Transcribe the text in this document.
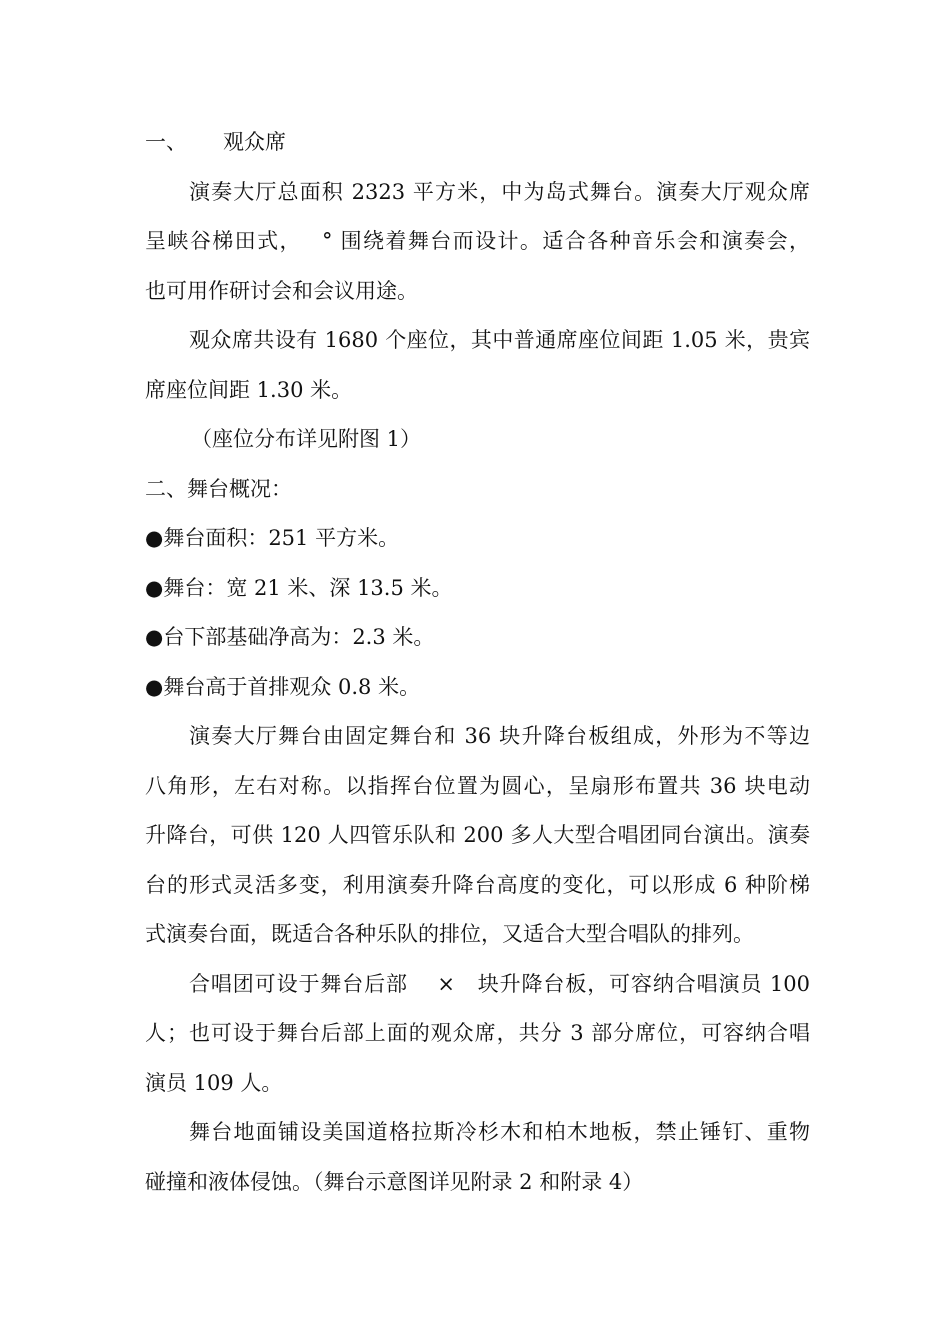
一、 观众席
演奏大厅总面积 2323 平方米，中为岛式舞台。演奏大厅观众席
呈峡谷梯田式，　 ° 围绕着舞台而设计。适合各种音乐会和演奏会，
也可用作研讨会和会议用途。
观众席共设有 1680 个座位，其中普通席座位间距 1.05 米，贵宾
席座位间距 1.30 米。
（座位分布详见附图 1）
二、舞台概况：
●舞台面积：251 平方米。
●舞台：宽 21 米、深 13.5 米。
●台下部基础净高为：2.3 米。
●舞台高于首排观众 0.8 米。
演奏大厅舞台由固定舞台和 36 块升降台板组成，外形为不等边
八角形，左右对称。以指挥台位置为圆心，呈扇形布置共 36 块电动
升降台，可供 120 人四管乐队和 200 多人大型合唱团同台演出。演奏
台的形式灵活多变，利用演奏升降台高度的变化，可以形成 6 种阶梯
式演奏台面，既适合各种乐队的排位，又适合大型合唱队的排列。
合唱团可设于舞台后部　 ×　块升降台板，可容纳合唱演员 100
人；也可设于舞台后部上面的观众席，共分 3 部分席位，可容纳合唱
演员 109 人。
舞台地面铺设美国道格拉斯冷杉木和柏木地板，禁止锤钉、重物
碰撞和液体侵蚀。（舞台示意图详见附录 2 和附录 4）
